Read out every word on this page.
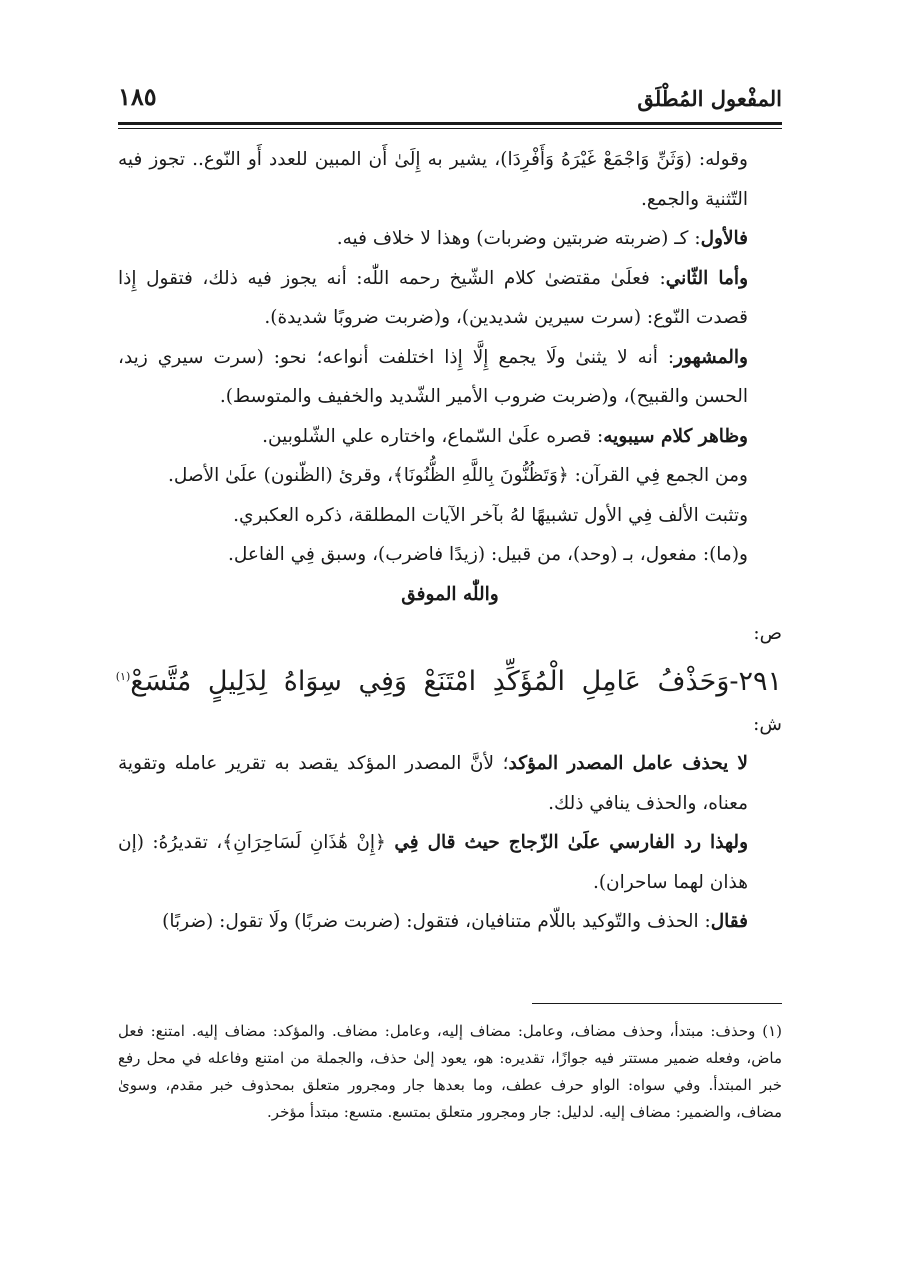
المفْعول المُطْلَق
١٨٥

وقوله: (وَثَنِّ وَاجْمَعْ غَيْرَهُ وَأَفْرِدَا)، يشير به إِلَىٰ أَن المبين للعدد أَو النّوع.. تجوز فيه التّثنية والجمع.

فالأول: كـ (ضربته ضربتين وضربات) وهذا لا خلاف فيه.

وأما الثّاني: فعلَىٰ مقتضىٰ كلام الشّيخ رحمه اللّٰه: أنه يجوز فيه ذلك، فتقول إِذا قصدت النّوع: (سرت سيرين شديدين)، و(ضربت ضروبًا شديدة).

والمشهور: أنه لا يثنىٰ ولَا يجمع إِلَّا إِذا اختلفت أنواعه؛ نحو: (سرت سيري زيد، الحسن والقبيح)، و(ضربت ضروب الأمير الشّديد والخفيف والمتوسط).

وظاهر كلام سيبويه: قصره علَىٰ السّماع، واختاره علي الشّلوبين.

ومن الجمع فِي القرآن: ﴿وَتَظُنُّونَ بِاللَّهِ الظُّنُونَا﴾، وقرئ (الظّنون) علَىٰ الأصل.

وتثبت الألف فِي الأول تشبيهًا لهُ بآخر الآيات المطلقة، ذكره العكبري.

و(ما): مفعول، بـ (وحد)، من قبيل: (زيدًا فاضرب)، وسبق فِي الفاعل.

واللّٰه الموفق

ص:

٢٩١-وَحَذْفُ عَامِلِ الْمُؤَكِّدِ امْتَنَعْ وَفِي سِوَاهُ لِدَلِيلٍ مُتَّسَعْ$^{(١)}$

ش:

لا يحذف عامل المصدر المؤكد؛ لأنَّ المصدر المؤكد يقصد به تقرير عامله وتقوية معناه، والحذف ينافي ذلك.

ولهذا رد الفارسي علَىٰ الزّجاج حيث قال فِي ﴿إِنْ هَٰذَانِ لَسَاحِرَانِ﴾، تقديرُهُ: (إن هذان لهما ساحران).

فقال: الحذف والتّوكيد باللّام متنافيان، فتقول: (ضربت ضربًا) ولَا تقول: (ضربًا)

(١) وحذف: مبتدأ، وحذف مضاف، وعامل: مضاف إليه، وعامل: مضاف. والمؤكد: مضاف إليه. امتنع: فعل ماض، وفعله ضمير مستتر فيه جوازًا، تقديره: هو، يعود إلىٰ حذف، والجملة من امتنع وفاعله في محل رفع خبر المبتدأ. وفي سواه: الواو حرف عطف، وما بعدها جار ومجرور متعلق بمحذوف خبر مقدم، وسوىٰ مضاف، والضمير: مضاف إليه. لدليل: جار ومجرور متعلق بمتسع. متسع: مبتدأ مؤخر.
